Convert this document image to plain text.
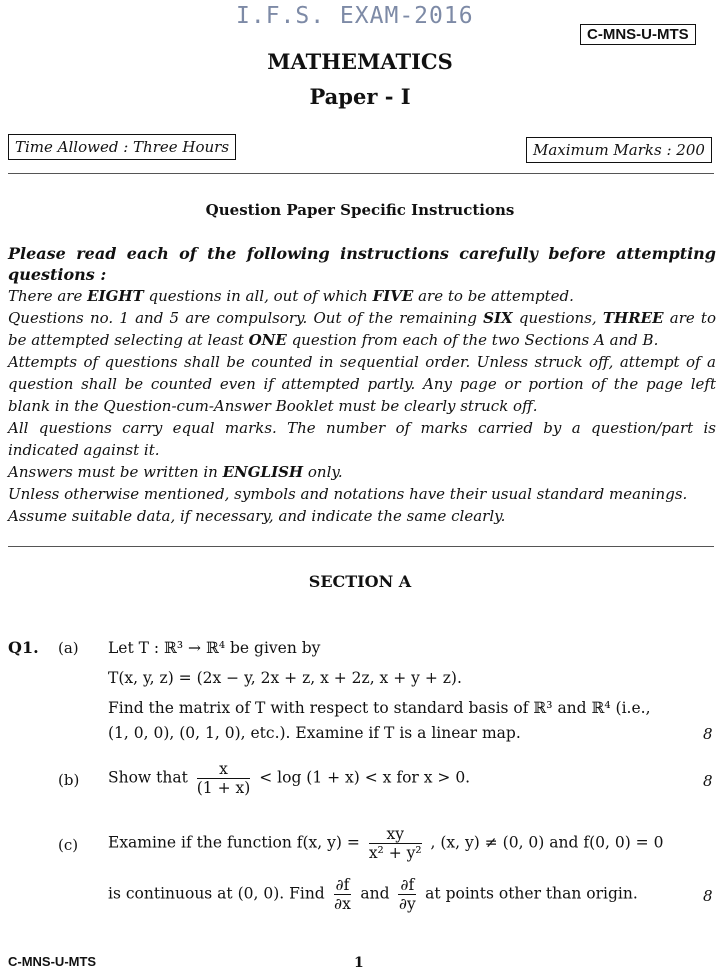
I.F.S. EXAM-2016
C-MNS-U-MTS
MATHEMATICS
Paper - I
Time Allowed : Three Hours	Maximum Marks : 200
Question Paper Specific Instructions

Please read each of the following instructions carefully before attempting questions :

There are EIGHT questions in all, out of which FIVE are to be attempted.

Questions no. 1 and 5 are compulsory. Out of the remaining SIX questions, THREE are to be attempted selecting at least ONE question from each of the two Sections A and B.

Attempts of questions shall be counted in sequential order. Unless struck off, attempt of a question shall be counted even if attempted partly. Any page or portion of the page left blank in the Question-cum-Answer Booklet must be clearly struck off.

All questions carry equal marks. The number of marks carried by a question/part is indicated against it.

Answers must be written in ENGLISH only.

Unless otherwise mentioned, symbols and notations have their usual standard meanings.

Assume suitable data, if necessary, and indicate the same clearly.

SECTION A
Q1. (a) Let T : ℝ³ → ℝ⁴ be given by
T(x, y, z) = (2x − y, 2x + z, x + 2z, x + y + z).
Find the matrix of T with respect to standard basis of ℝ³ and ℝ⁴ (i.e.,
(1, 0, 0), (0, 1, 0), etc.). Examine if T is a linear map.	8
(b) Show that $\frac{x}{(1 + x)} < \log (1 + x) < x$ for x > 0.	8
(c) Examine if the function f(x, $y) = \frac{xy}{\text{x² + y²}}$ , (x, y) ≠ (0, 0) and f(0, 0) = 0
is continuous at (0, 0). Find $\frac{\partial f}{\partial x}$ and $\frac{\partial f}{\partial y}$ at points other than origin.	8
C-MNS-U-MTS	1
